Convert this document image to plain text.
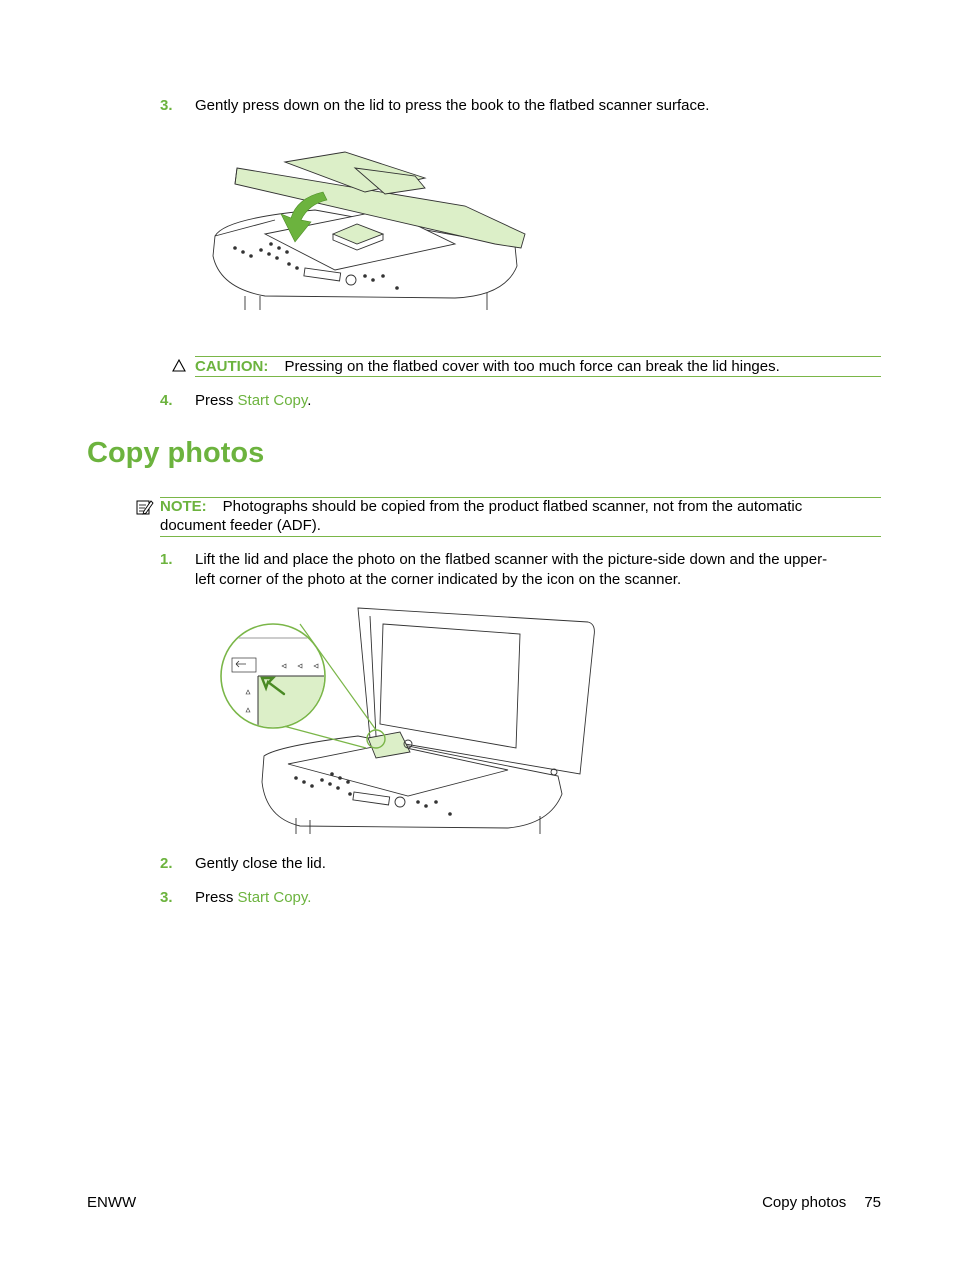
3. Gently press down on the lid to press the book to the flatbed scanner surface.
CAUTION: Pressing on the flatbed cover with too much force can break the lid hinges.
4. Press Start Copy.
Copy photos
NOTE: Photographs should be copied from the product flatbed scanner, not from the automatic
document feeder (ADF).
1. Lift the lid and place the photo on the flatbed scanner with the picture-side down and the upper-
left corner of the photo at the corner indicated by the icon on the scanner.
2. Gently close the lid.
3. Press Start Copy.
ENWW	Copy photos 75
